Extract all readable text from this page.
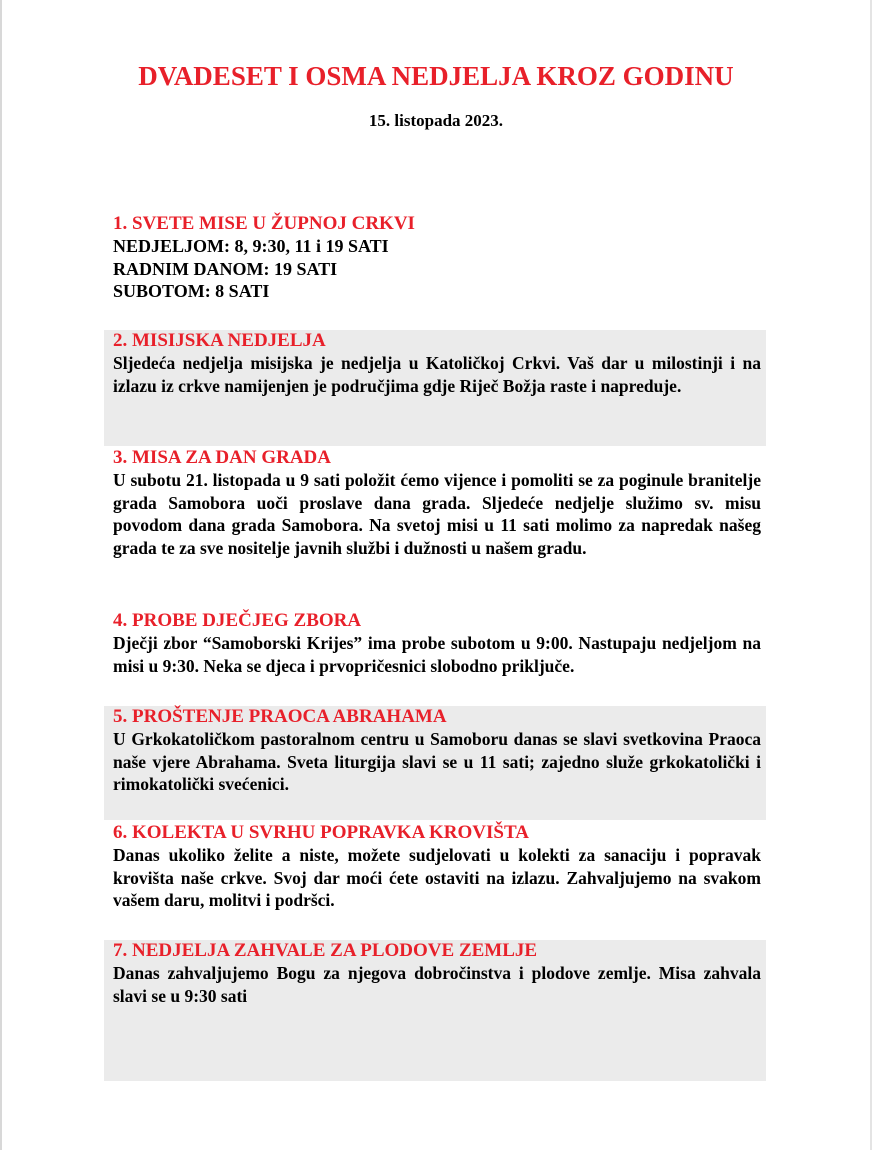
DVADESET I OSMA NEDJELJA KROZ GODINU
15. listopada 2023.
1. SVETE MISE U ŽUPNOJ CRKVI
NEDJELJOM: 8, 9:30, 11 i 19 SATI
RADNIM DANOM: 19 SATI
SUBOTOM: 8 SATI
2. MISIJSKA NEDJELJA
Sljedeća nedjelja misijska je nedjelja u Katoličkoj Crkvi. Vaš dar u milostinji i na izlazu iz crkve namijenjen je područjima gdje Riječ Božja raste i napreduje.
3. MISA ZA DAN GRADA
U subotu 21. listopada u 9 sati položit ćemo vijence i pomoliti se za poginule branitelje grada Samobora uoči proslave dana grada. Sljedeće nedjelje služimo sv. misu povodom dana grada Samobora. Na svetoj misi u 11 sati molimo za napredak našeg grada te za sve nositelje javnih službi i dužnosti u našem gradu.
4. PROBE DJEČJEG ZBORA
Dječji zbor “Samoborski Krijes” ima probe subotom u 9:00. Nastupaju nedjeljom na misi u 9:30. Neka se djeca i prvopričesnici slobodno priključe.
5. PROŠTENJE PRAOCA ABRAHAMA
U Grkokatoličkom pastoralnom centru u Samoboru danas se slavi svetkovina Praoca naše vjere Abrahama. Sveta liturgija slavi se u 11 sati; zajedno služe grkokatolički i rimokatolički svećenici.
6. KOLEKTA U SVRHU POPRAVKA KROVIŠTA
Danas ukoliko želite a niste, možete sudjelovati u kolekti za sanaciju i popravak krovišta naše crkve. Svoj dar moći ćete ostaviti na izlazu. Zahvaljujemo na svakom vašem daru, molitvi i podršci.
7. NEDJELJA ZAHVALE ZA PLODOVE ZEMLJE
Danas zahvaljujemo Bogu za njegova dobročinstva i plodove zemlje. Misa zahvala slavi se u 9:30 sati
